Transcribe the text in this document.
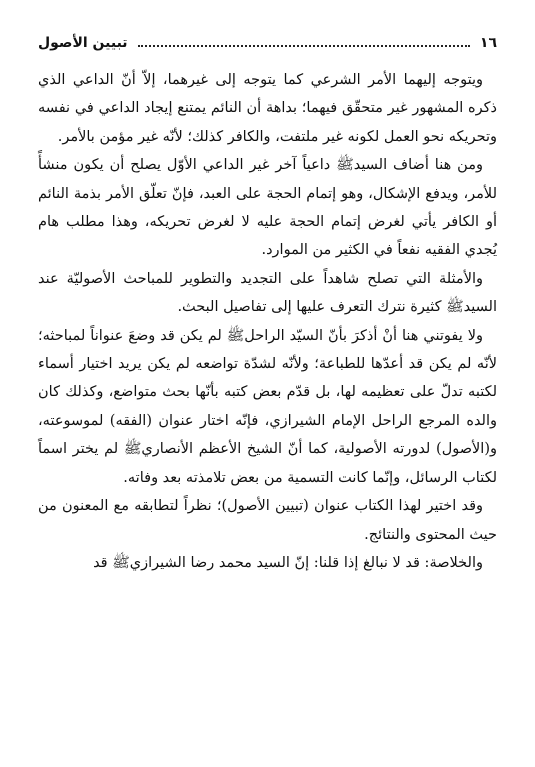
١٦
تبيين الأصول

ويتوجه إليهما الأمر الشرعي كما يتوجه إلى غيرهما، إلاّ أنّ الداعي الذي ذكره المشهور غير متحقّق فيهما؛ بداهة أن النائم يمتنع إيجاد الداعي في نفسه وتحريكه نحو العمل لكونه غير ملتفت، والكافر كذلك؛ لأنّه غير مؤمن بالأمر.

ومن هنا أضاف السيدﷺ داعياً آخر غير الداعي الأوّل يصلح أن يكون منشأً للأمر، ويدفع الإشكال، وهو إتمام الحجة على العبد، فإنّ تعلّق الأمر بذمة النائم أو الكافر يأتي لغرض إتمام الحجة عليه لا لغرض تحريكه، وهذا مطلب هام يُجدي الفقيه نفعاً في الكثير من الموارد.

والأمثلة التي تصلح شاهداً على التجديد والتطوير للمباحث الأصوليّة عند السيدﷺ كثيرة نترك التعرف عليها إلى تفاصيل البحث.

ولا يفوتني هنا أنْ أذكرَ بأنّ السيّد الراحلﷺ لم يكن قد وضعَ عنواناً لمباحثه؛ لأنّه لم يكن قد أعدّها للطباعة؛ ولأنّه لشدّة تواضعه لم يكن يريد اختيار أسماء لكتبه تدلّ على تعظيمه لها، بل قدّم بعض كتبه بأنّها بحث متواضع، وكذلك كان والده المرجع الراحل الإمام الشيرازي، فإنّه اختار عنوان (الفقه) لموسوعته، و(الأصول) لدورته الأصولية، كما أنّ الشيخ الأعظم الأنصاريﷺ لم يختر اسماً لكتاب الرسائل، وإنّما كانت التسمية من بعض تلامذته بعد وفاته.

وقد اختير لهذا الكتاب عنوان (تبيين الأصول)؛ نظراً لتطابقه مع المعنون من حيث المحتوى والنتائج.

والخلاصة: قد لا نبالغ إذا قلنا: إنّ السيد محمد رضا الشيرازيﷺ قد
